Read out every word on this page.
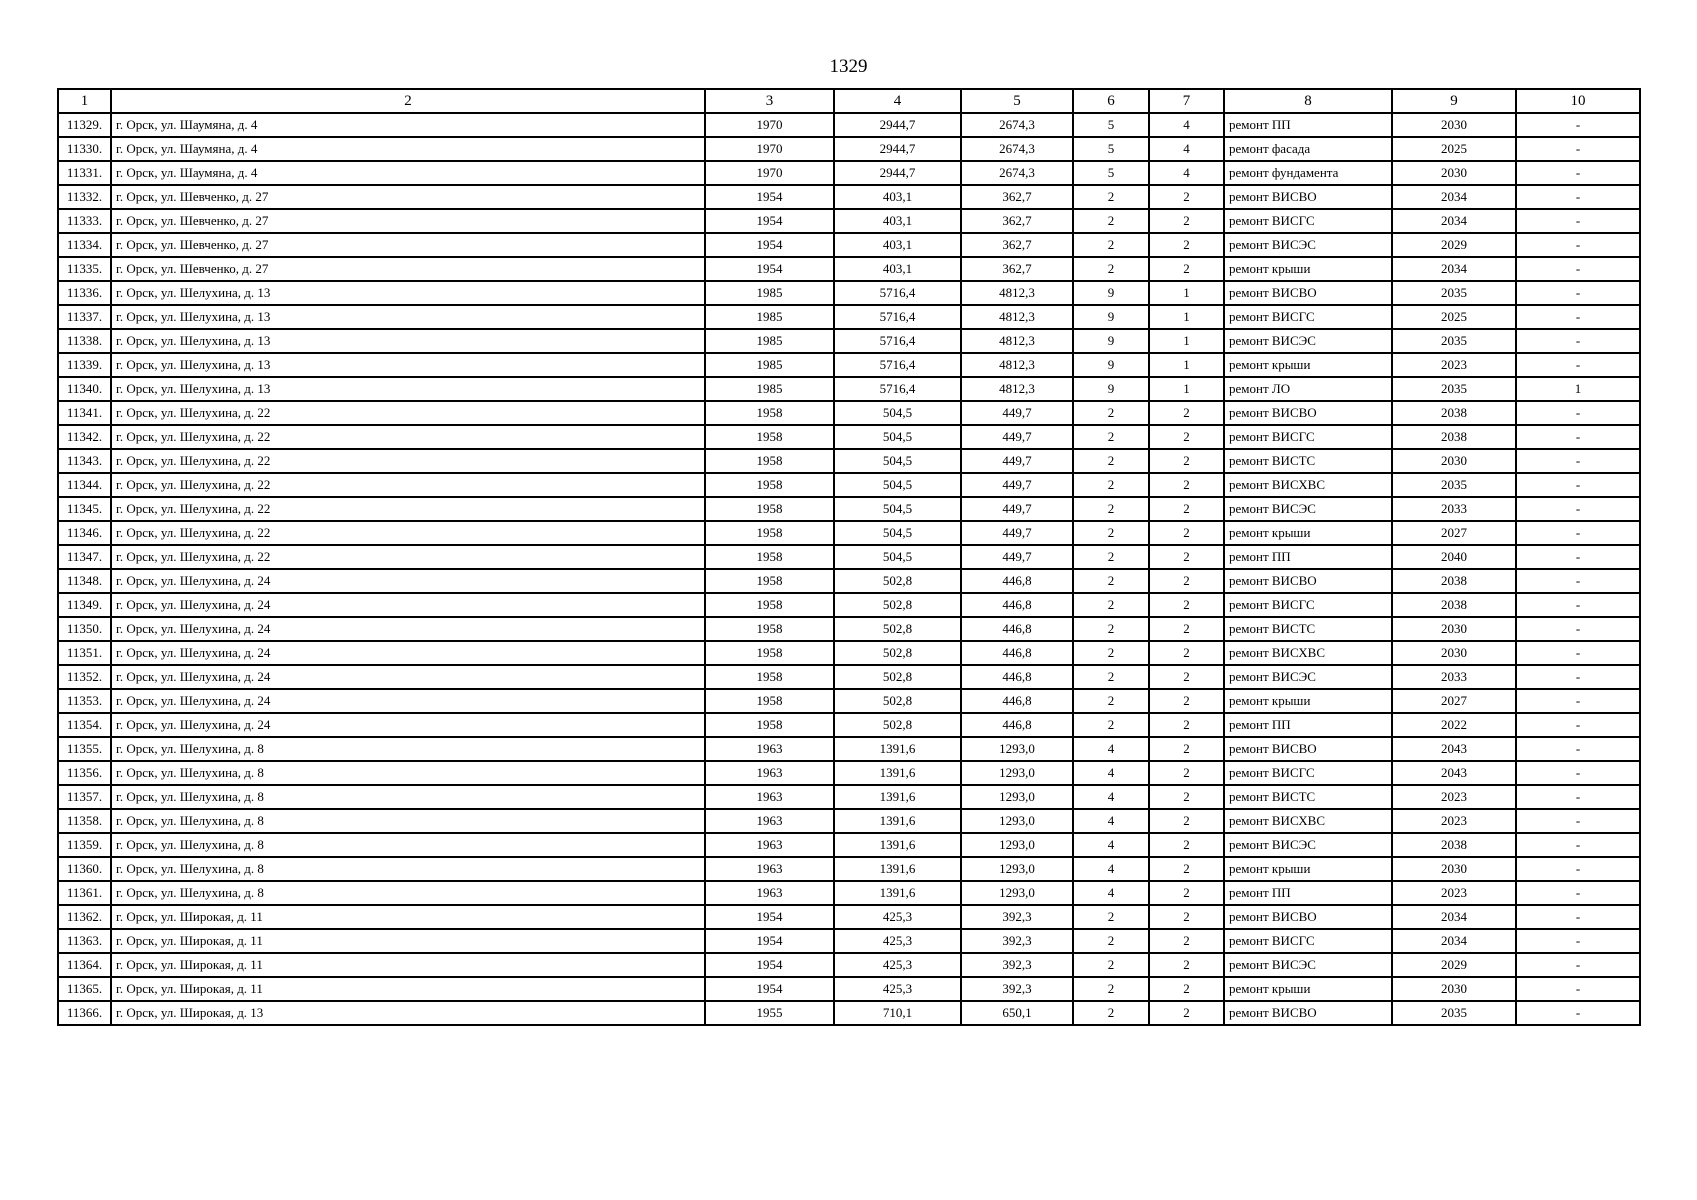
1329
1	2	3	4	5	6	7	8	9	10
11329.	г. Орск, ул. Шаумяна, д. 4	1970	2944,7	2674,3	5	4	ремонт ПП	2030	-
11330.	г. Орск, ул. Шаумяна, д. 4	1970	2944,7	2674,3	5	4	ремонт фасада	2025	-
11331.	г. Орск, ул. Шаумяна, д. 4	1970	2944,7	2674,3	5	4	ремонт фундамента	2030	-
11332.	г. Орск, ул. Шевченко, д. 27	1954	403,1	362,7	2	2	ремонт ВИСВО	2034	-
11333.	г. Орск, ул. Шевченко, д. 27	1954	403,1	362,7	2	2	ремонт ВИСГС	2034	-
11334.	г. Орск, ул. Шевченко, д. 27	1954	403,1	362,7	2	2	ремонт ВИСЭС	2029	-
11335.	г. Орск, ул. Шевченко, д. 27	1954	403,1	362,7	2	2	ремонт крыши	2034	-
11336.	г. Орск, ул. Шелухина, д. 13	1985	5716,4	4812,3	9	1	ремонт ВИСВО	2035	-
11337.	г. Орск, ул. Шелухина, д. 13	1985	5716,4	4812,3	9	1	ремонт ВИСГС	2025	-
11338.	г. Орск, ул. Шелухина, д. 13	1985	5716,4	4812,3	9	1	ремонт ВИСЭС	2035	-
11339.	г. Орск, ул. Шелухина, д. 13	1985	5716,4	4812,3	9	1	ремонт крыши	2023	-
11340.	г. Орск, ул. Шелухина, д. 13	1985	5716,4	4812,3	9	1	ремонт ЛО	2035	1
11341.	г. Орск, ул. Шелухина, д. 22	1958	504,5	449,7	2	2	ремонт ВИСВО	2038	-
11342.	г. Орск, ул. Шелухина, д. 22	1958	504,5	449,7	2	2	ремонт ВИСГС	2038	-
11343.	г. Орск, ул. Шелухина, д. 22	1958	504,5	449,7	2	2	ремонт ВИСТС	2030	-
11344.	г. Орск, ул. Шелухина, д. 22	1958	504,5	449,7	2	2	ремонт ВИСХВС	2035	-
11345.	г. Орск, ул. Шелухина, д. 22	1958	504,5	449,7	2	2	ремонт ВИСЭС	2033	-
11346.	г. Орск, ул. Шелухина, д. 22	1958	504,5	449,7	2	2	ремонт крыши	2027	-
11347.	г. Орск, ул. Шелухина, д. 22	1958	504,5	449,7	2	2	ремонт ПП	2040	-
11348.	г. Орск, ул. Шелухина, д. 24	1958	502,8	446,8	2	2	ремонт ВИСВО	2038	-
11349.	г. Орск, ул. Шелухина, д. 24	1958	502,8	446,8	2	2	ремонт ВИСГС	2038	-
11350.	г. Орск, ул. Шелухина, д. 24	1958	502,8	446,8	2	2	ремонт ВИСТС	2030	-
11351.	г. Орск, ул. Шелухина, д. 24	1958	502,8	446,8	2	2	ремонт ВИСХВС	2030	-
11352.	г. Орск, ул. Шелухина, д. 24	1958	502,8	446,8	2	2	ремонт ВИСЭС	2033	-
11353.	г. Орск, ул. Шелухина, д. 24	1958	502,8	446,8	2	2	ремонт крыши	2027	-
11354.	г. Орск, ул. Шелухина, д. 24	1958	502,8	446,8	2	2	ремонт ПП	2022	-
11355.	г. Орск, ул. Шелухина, д. 8	1963	1391,6	1293,0	4	2	ремонт ВИСВО	2043	-
11356.	г. Орск, ул. Шелухина, д. 8	1963	1391,6	1293,0	4	2	ремонт ВИСГС	2043	-
11357.	г. Орск, ул. Шелухина, д. 8	1963	1391,6	1293,0	4	2	ремонт ВИСТС	2023	-
11358.	г. Орск, ул. Шелухина, д. 8	1963	1391,6	1293,0	4	2	ремонт ВИСХВС	2023	-
11359.	г. Орск, ул. Шелухина, д. 8	1963	1391,6	1293,0	4	2	ремонт ВИСЭС	2038	-
11360.	г. Орск, ул. Шелухина, д. 8	1963	1391,6	1293,0	4	2	ремонт крыши	2030	-
11361.	г. Орск, ул. Шелухина, д. 8	1963	1391,6	1293,0	4	2	ремонт ПП	2023	-
11362.	г. Орск, ул. Широкая, д. 11	1954	425,3	392,3	2	2	ремонт ВИСВО	2034	-
11363.	г. Орск, ул. Широкая, д. 11	1954	425,3	392,3	2	2	ремонт ВИСГС	2034	-
11364.	г. Орск, ул. Широкая, д. 11	1954	425,3	392,3	2	2	ремонт ВИСЭС	2029	-
11365.	г. Орск, ул. Широкая, д. 11	1954	425,3	392,3	2	2	ремонт крыши	2030	-
11366.	г. Орск, ул. Широкая, д. 13	1955	710,1	650,1	2	2	ремонт ВИСВО	2035	-
